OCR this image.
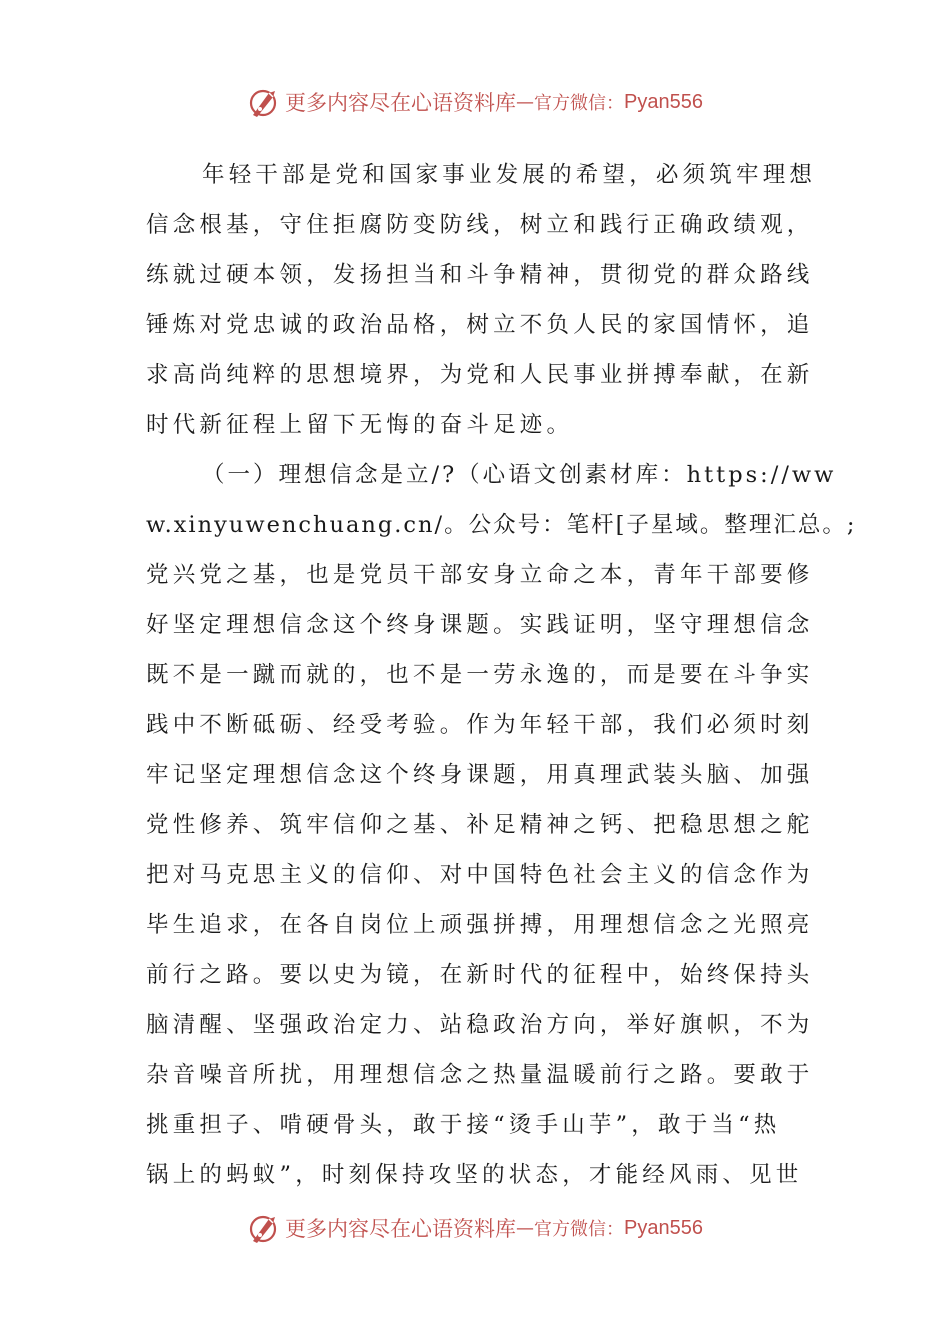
更多内容尽在心语资料库 — 官方微信： Pyan556
年轻干部是党和国家事业发展的希望，必须筑牢理想
信念根基，守住拒腐防变防线，树立和践行正确政绩观，
练就过硬本领，发扬担当和斗争精神，贯彻党的群众路线
锤炼对党忠诚的政治品格，树立不负人民的家国情怀，追
求高尚纯粹的思想境界，为党和人民事业拼搏奉献，在新
时代新征程上留下无悔的奋斗足迹。
（一）理想信念是立/?（心语文创素材库：https://ww
w.xinyuwenchuang.cn/。公众号：笔杆[子星域。整理汇总。;
党兴党之基，也是党员干部安身立命之本，青年干部要修
好坚定理想信念这个终身课题。实践证明，坚守理想信念
既不是一蹴而就的，也不是一劳永逸的，而是要在斗争实
践中不断砥砺、经受考验。作为年轻干部，我们必须时刻
牢记坚定理想信念这个终身课题，用真理武装头脑、加强
党性修养、筑牢信仰之基、补足精神之钙、把稳思想之舵
把对马克思主义的信仰、对中国特色社会主义的信念作为
毕生追求，在各自岗位上顽强拼搏，用理想信念之光照亮
前行之路。要以史为镜，在新时代的征程中，始终保持头
脑清醒、坚强政治定力、站稳政治方向，举好旗帜，不为
杂音噪音所扰，用理想信念之热量温暖前行之路。要敢于
挑重担子、啃硬骨头，敢于接“烫手山芋”，敢于当“热
锅上的蚂蚁”，时刻保持攻坚的状态，才能经风雨、见世
更多内容尽在心语资料库 — 官方微信： Pyan556
